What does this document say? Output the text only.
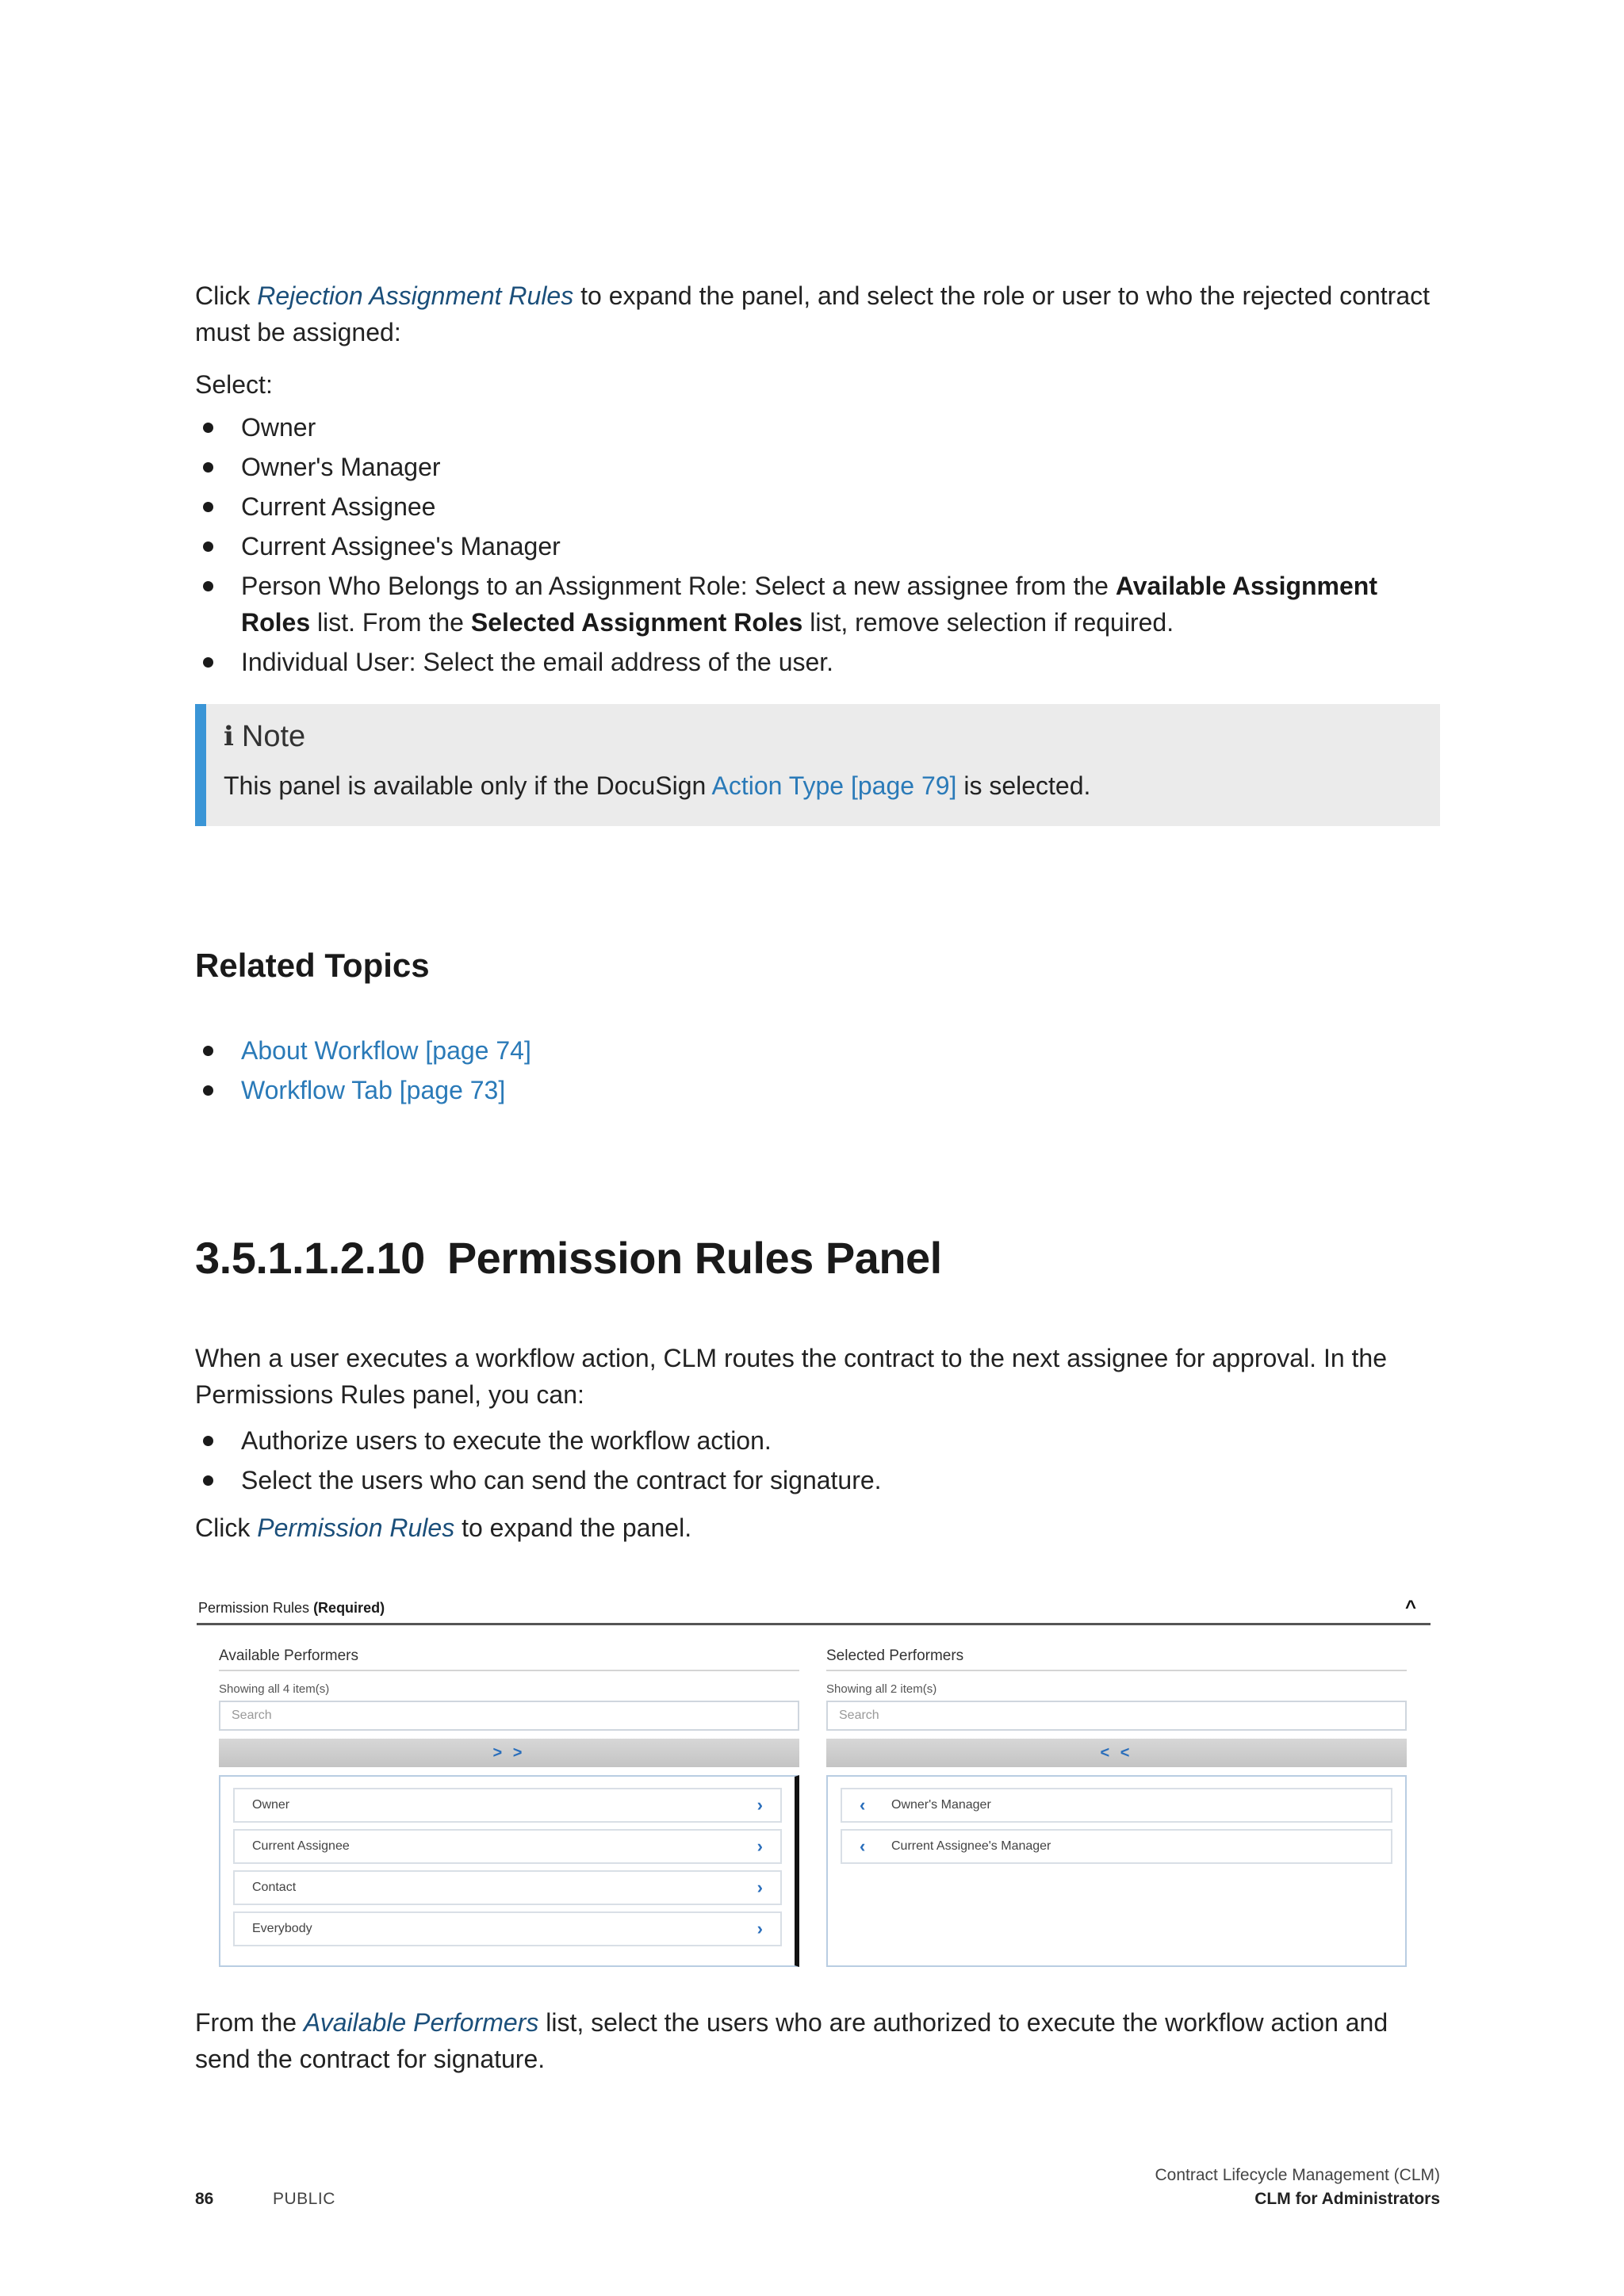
Click Rejection Assignment Rules to expand the panel, and select the role or user to who the rejected contract must be assigned:

Select:

Owner
Owner's Manager
Current Assignee
Current Assignee's Manager
Person Who Belongs to an Assignment Role: Select a new assignee from the Available Assignment Roles list. From the Selected Assignment Roles list, remove selection if required.
Individual User: Select the email address of the user.
i Note

This panel is available only if the DocuSign Action Type [page 79] is selected.

Related Topics
About Workflow [page 74]
Workflow Tab [page 73]
3.5.1.1.2.10 Permission Rules Panel

When a user executes a workflow action, CLM routes the contract to the next assignee for approval. In the Permissions Rules panel, you can:

Authorize users to execute the workflow action.
Select the users who can send the contract for signature.

Click Permission Rules to expand the panel.

Permission Rules (Required)	^
Available Performers
Showing all 4 item(s)
Search
> >
Owner	›
Current Assignee	›
Contact	›
Everybody	›
Selected Performers
Showing all 2 item(s)
Search
< <
‹ Owner's Manager
‹ Current Assignee's Manager

From the Available Performers list, select the users who are authorized to execute the workflow action and send the contract for signature.

86	PUBLIC
Contract Lifecycle Management (CLM)
CLM for Administrators
